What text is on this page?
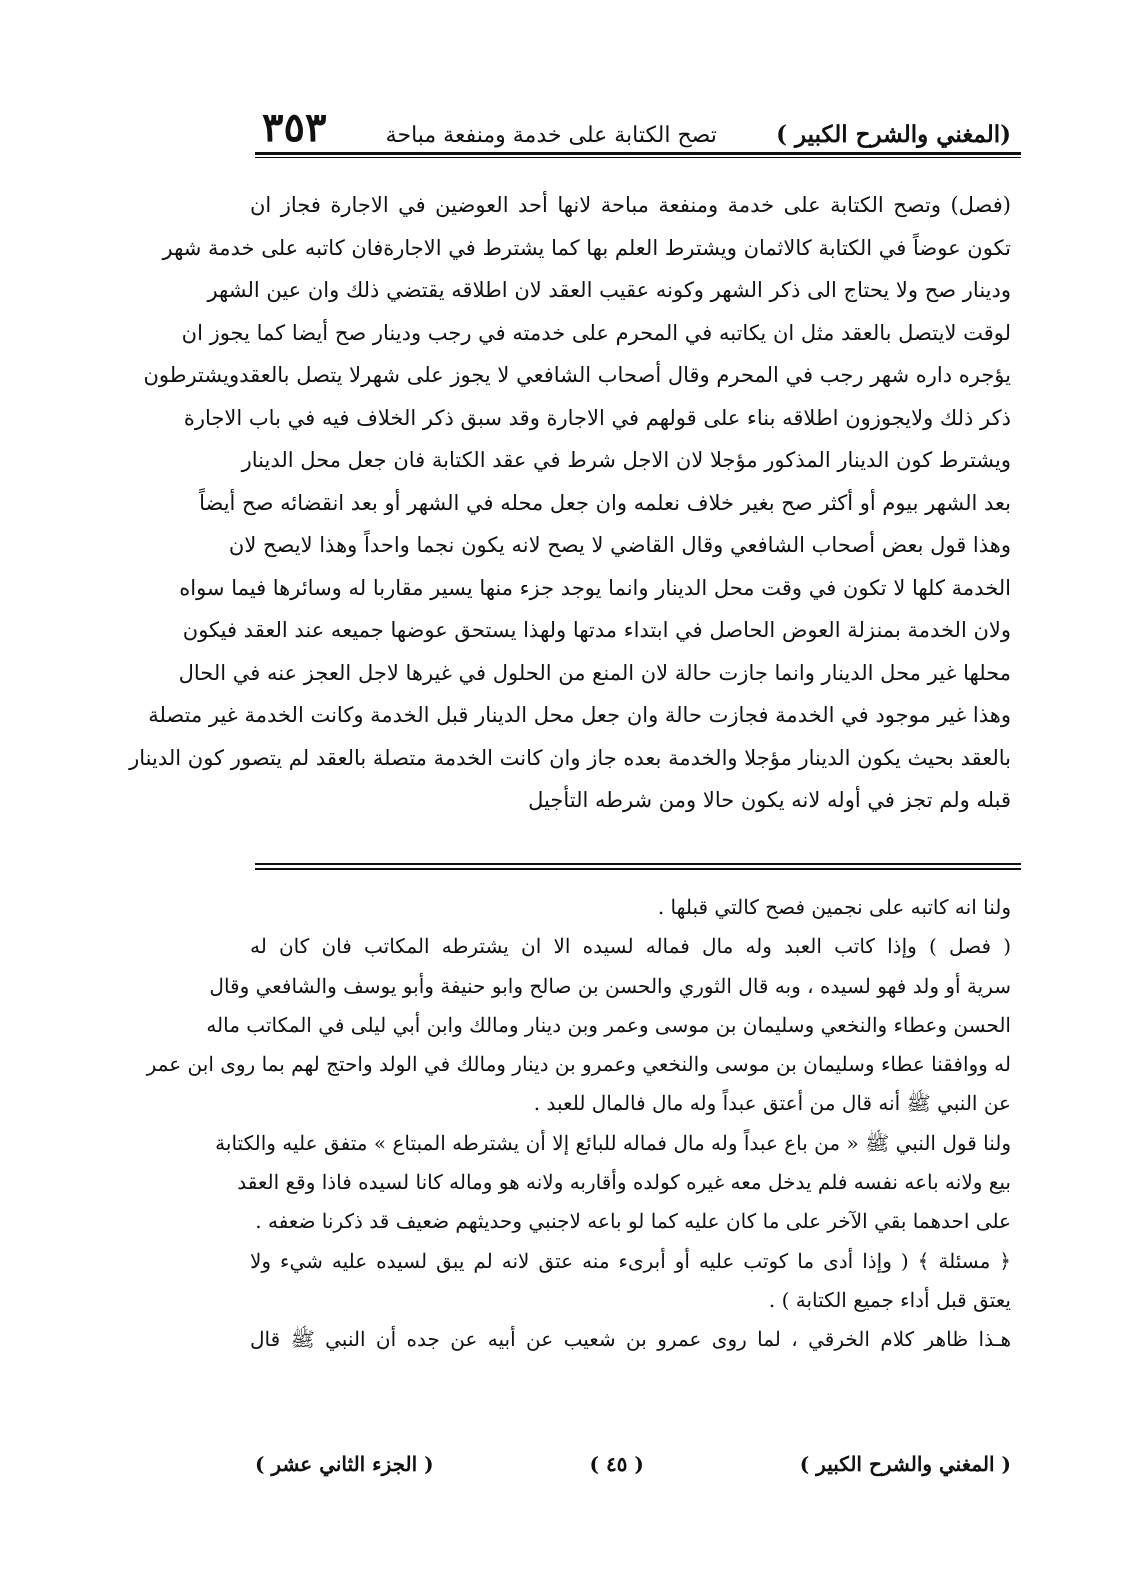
(المغني والشرح الكبير )
تصح الكتابة على خدمة ومنفعة مباحة
٣٥٣
(فصل) وتصح الكتابة على خدمة ومنفعة مباحة لانها أحد العوضين في الاجارة فجاز ان
تكون عوضاً في الكتابة كالاثمان ويشترط العلم بها كما يشترط في الاجارةفان كاتبه على خدمة شهر
ودينار صح ولا يحتاج الى ذكر الشهر وكونه عقيب العقد لان اطلاقه يقتضي ذلك وان عين الشهر
لوقت لايتصل بالعقد مثل ان يكاتبه في المحرم على خدمته في رجب ودينار صح أيضا كما يجوز ان
يؤجره داره شهر رجب في المحرم وقال أصحاب الشافعي لا يجوز على شهرلا يتصل بالعقدويشترطون
ذكر ذلك ولايجوزون اطلاقه بناء على قولهم في الاجارة وقد سبق ذكر الخلاف فيه في باب الاجارة
ويشترط كون الدينار المذكور مؤجلا لان الاجل شرط في عقد الكتابة فان جعل محل الدينار
بعد الشهر بيوم أو أكثر صح بغير خلاف نعلمه وان جعل محله في الشهر أو بعد انقضائه صح أيضاً
وهذا قول بعض أصحاب الشافعي وقال القاضي لا يصح لانه يكون نجما واحداً وهذا لايصح لان
الخدمة كلها لا تكون في وقت محل الدينار وانما يوجد جزء منها يسير مقاربا له وسائرها فيما سواه
ولان الخدمة بمنزلة العوض الحاصل في ابتداء مدتها ولهذا يستحق عوضها جميعه عند العقد فيكون
محلها غير محل الدينار وانما جازت حالة لان المنع من الحلول في غيرها لاجل العجز عنه في الحال
وهذا غير موجود في الخدمة فجازت حالة وان جعل محل الدينار قبل الخدمة وكانت الخدمة غير متصلة
بالعقد بحيث يكون الدينار مؤجلا والخدمة بعده جاز وان كانت الخدمة متصلة بالعقد لم يتصور كون الدينار
قبله ولم تجز في أوله لانه يكون حالا ومن شرطه التأجيل
ولنا انه كاتبه على نجمين فصح كالتي قبلها .
( فصل ) وإذا كاتب العبد وله مال فماله لسيده الا ان يشترطه المكاتب فان كان له
سرية أو ولد فهو لسيده ، وبه قال الثوري والحسن بن صالح وابو حنيفة وأبو يوسف والشافعي وقال
الحسن وعطاء والنخعي وسليمان بن موسى وعمر وبن دينار ومالك وابن أبي ليلى في المكاتب ماله
له ووافقنا عطاء وسليمان بن موسى والنخعي وعمرو بن دينار ومالك في الولد واحتج لهم بما روى ابن عمر
عن النبي ﷺ أنه قال من أعتق عبداً وله مال فالمال للعبد .
ولنا قول النبي ﷺ « من باع عبداً وله مال فماله للبائع إلا أن يشترطه المبتاع » متفق عليه والكتابة
بيع ولانه باعه نفسه فلم يدخل معه غيره كولده وأقاربه ولانه هو وماله كانا لسيده فاذا وقع العقد
على احدهما بقي الآخر على ما كان عليه كما لو باعه لاجنبي وحديثهم ضعيف قد ذكرنا ضعفه .
﴿ مسئلة ﴾ ( وإذا أدى ما كوتب عليه أو أبرىء منه عتق لانه لم يبق لسيده عليه شيء ولا
يعتق قبل أداء جميع الكتابة ) .
هـذا ظاهر كلام الخرقي ، لما روى عمرو بن شعيب عن أبيه عن جده أن النبي ﷺ قال
( المغني والشرح الكبير )
( ٤٥ )
( الجزء الثاني عشر )
